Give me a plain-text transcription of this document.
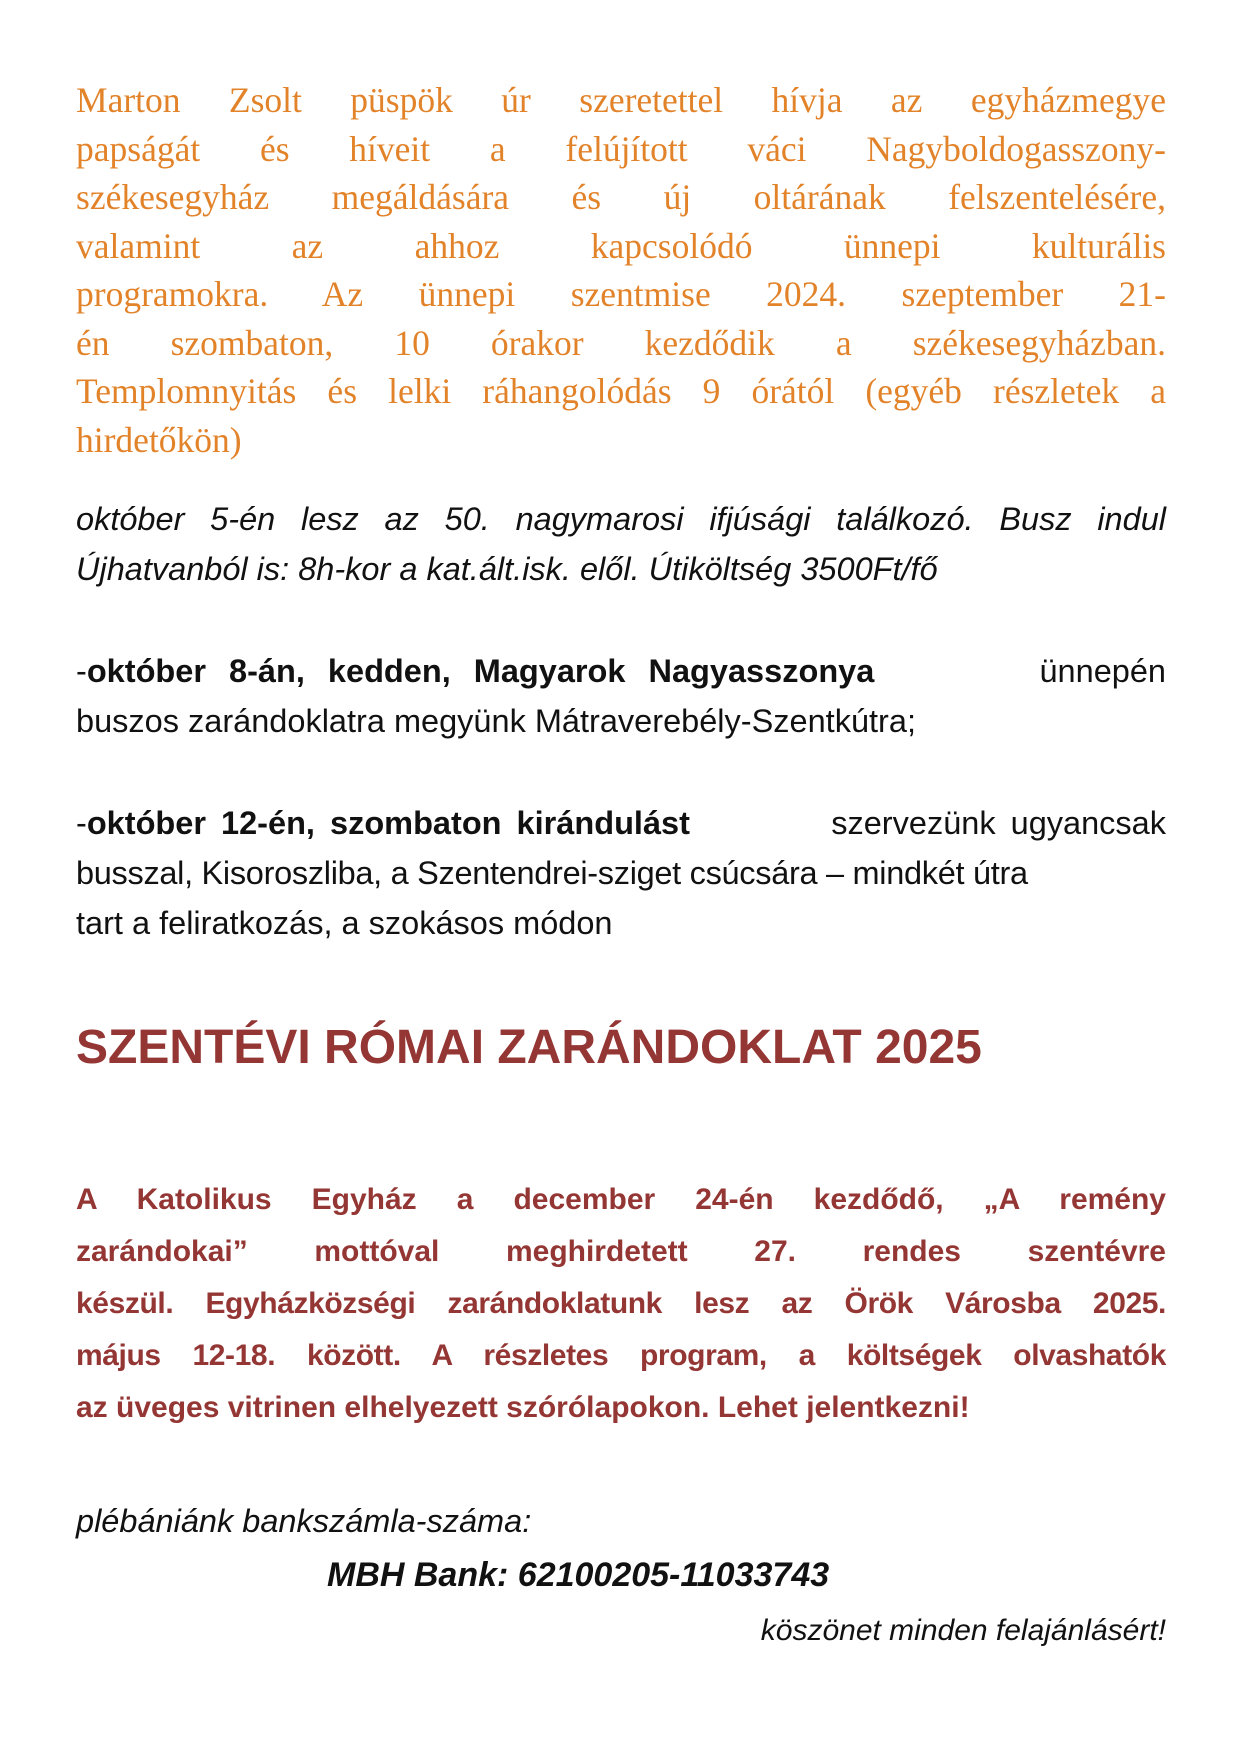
Marton Zsolt püspök úr szeretettel hívja az egyházmegye
papságát és híveit a felújított váci Nagyboldogasszony-
székesegyház megáldására és új oltárának felszentelésére,
valamint az ahhoz kapcsolódó ünnepi kulturális
programokra. Az ünnepi szentmise 2024. szeptember 21-
én szombaton, 10 órakor kezdődik a székesegyházban.
Templomnyitás és lelki ráhangolódás 9 órától (egyéb részletek a
hirdetőkön)
október 5-én lesz az 50. nagymarosi ifjúsági találkozó. Busz indul
Újhatvanból is: 8h-kor a kat.ált.isk. elől. Útiköltség 3500Ft/fő
-október 8-án, kedden, Magyarok Nagyasszonya	ünnepén
buszos zarándoklatra megyünk Mátraverebély-Szentkútra;
-október 12-én, szombaton kirándulást	szervezünk ugyancsak
busszal, Kisoroszliba, a Szentendrei-sziget csúcsára – mindkét útra
tart a feliratkozás, a szokásos módon
SZENTÉVI RÓMAI ZARÁNDOKLAT 2025
A Katolikus Egyház a december 24-én kezdődő, „A remény
zarándokai” mottóval meghirdetett 27. rendes szentévre
készül. Egyházközségi zarándoklatunk lesz az Örök Városba 2025.
május 12-18. között. A részletes program, a költségek olvashatók
az üveges vitrinen elhelyezett szórólapokon. Lehet jelentkezni!
plébániánk bankszámla-száma:
MBH Bank: 62100205-11033743
köszönet minden felajánlásért!
